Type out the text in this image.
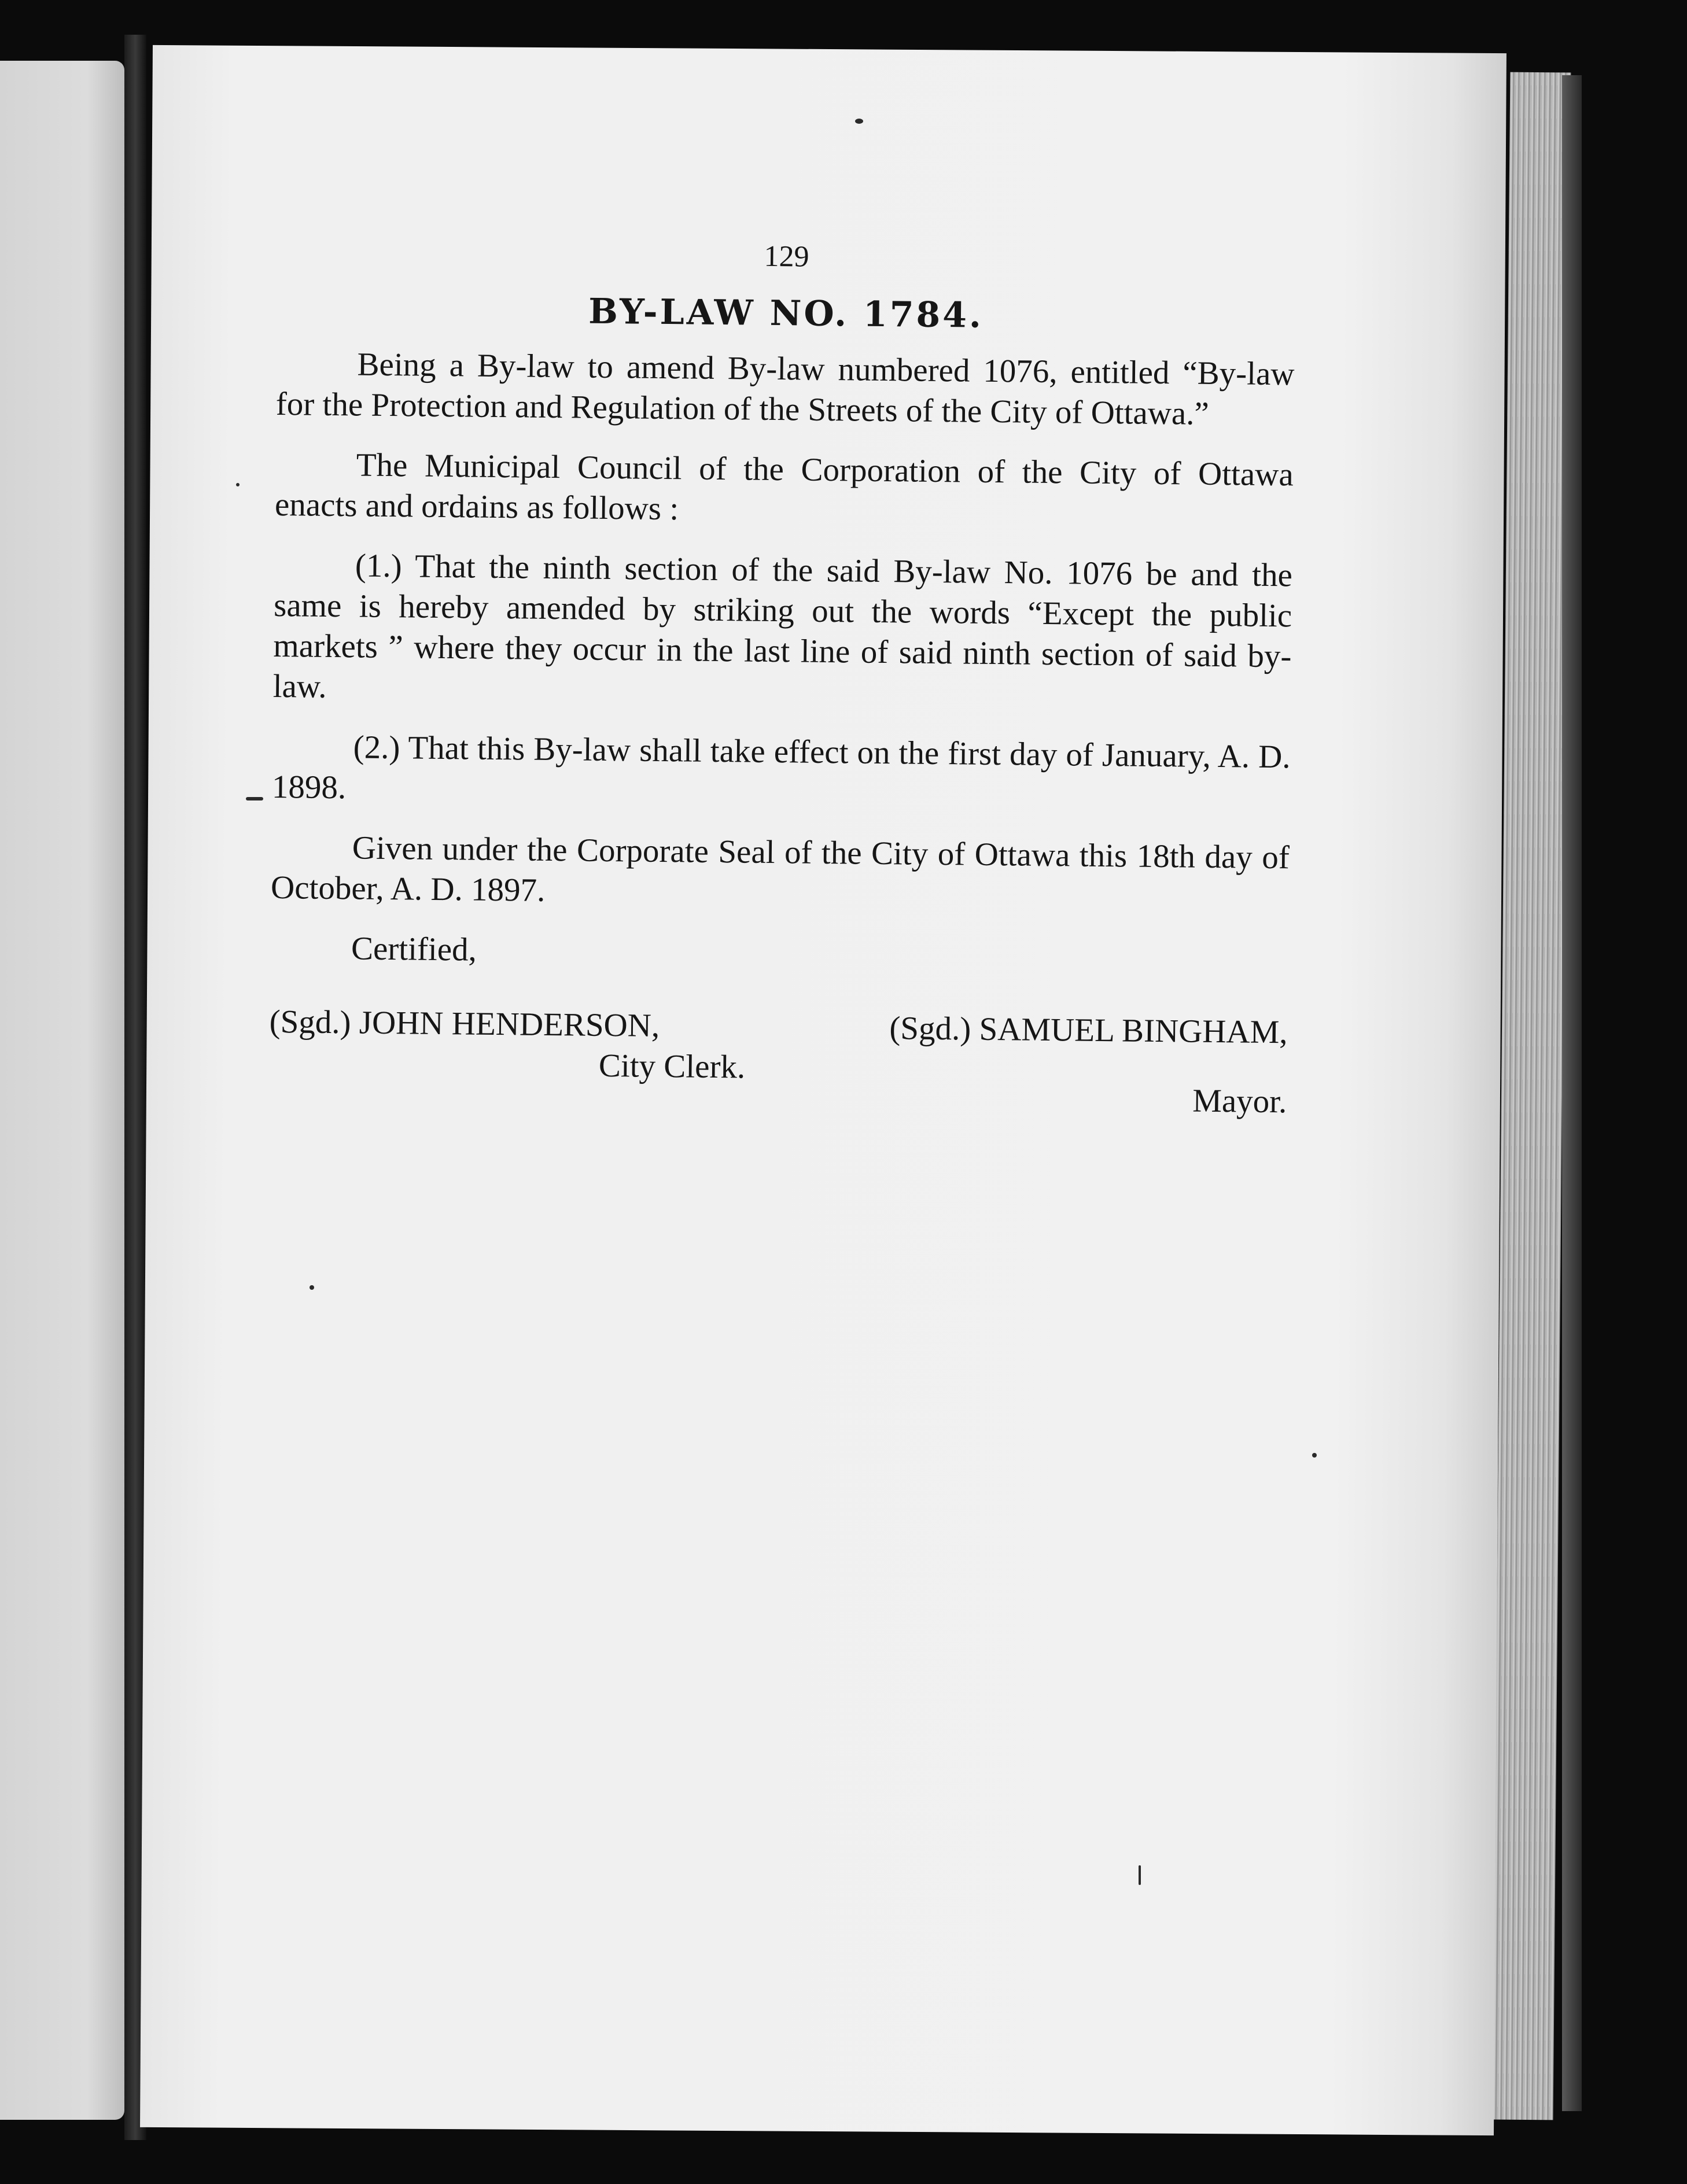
129
BY-LAW NO. 1784.

Being a By-law to amend By-law numbered 1076, entitled “By-law for the Protection and Regulation of the Streets of the City of Ottawa.”

The Municipal Council of the Corporation of the City of Ottawa enacts and ordains as follows :

(1.) That the ninth section of the said By-law No. 1076 be and the same is hereby amended by striking out the words “Except the public markets ” where they occur in the last line of said ninth section of said by-law.

(2.) That this By-law shall take effect on the first day of January, A. D. 1898.

Given under the Corporate Seal of the City of Ottawa this 18th day of October, A. D. 1897.

Certified,
(Sgd.) JOHN HENDERSON,	(Sgd.) SAMUEL BINGHAM,
City Clerk.
Mayor.
